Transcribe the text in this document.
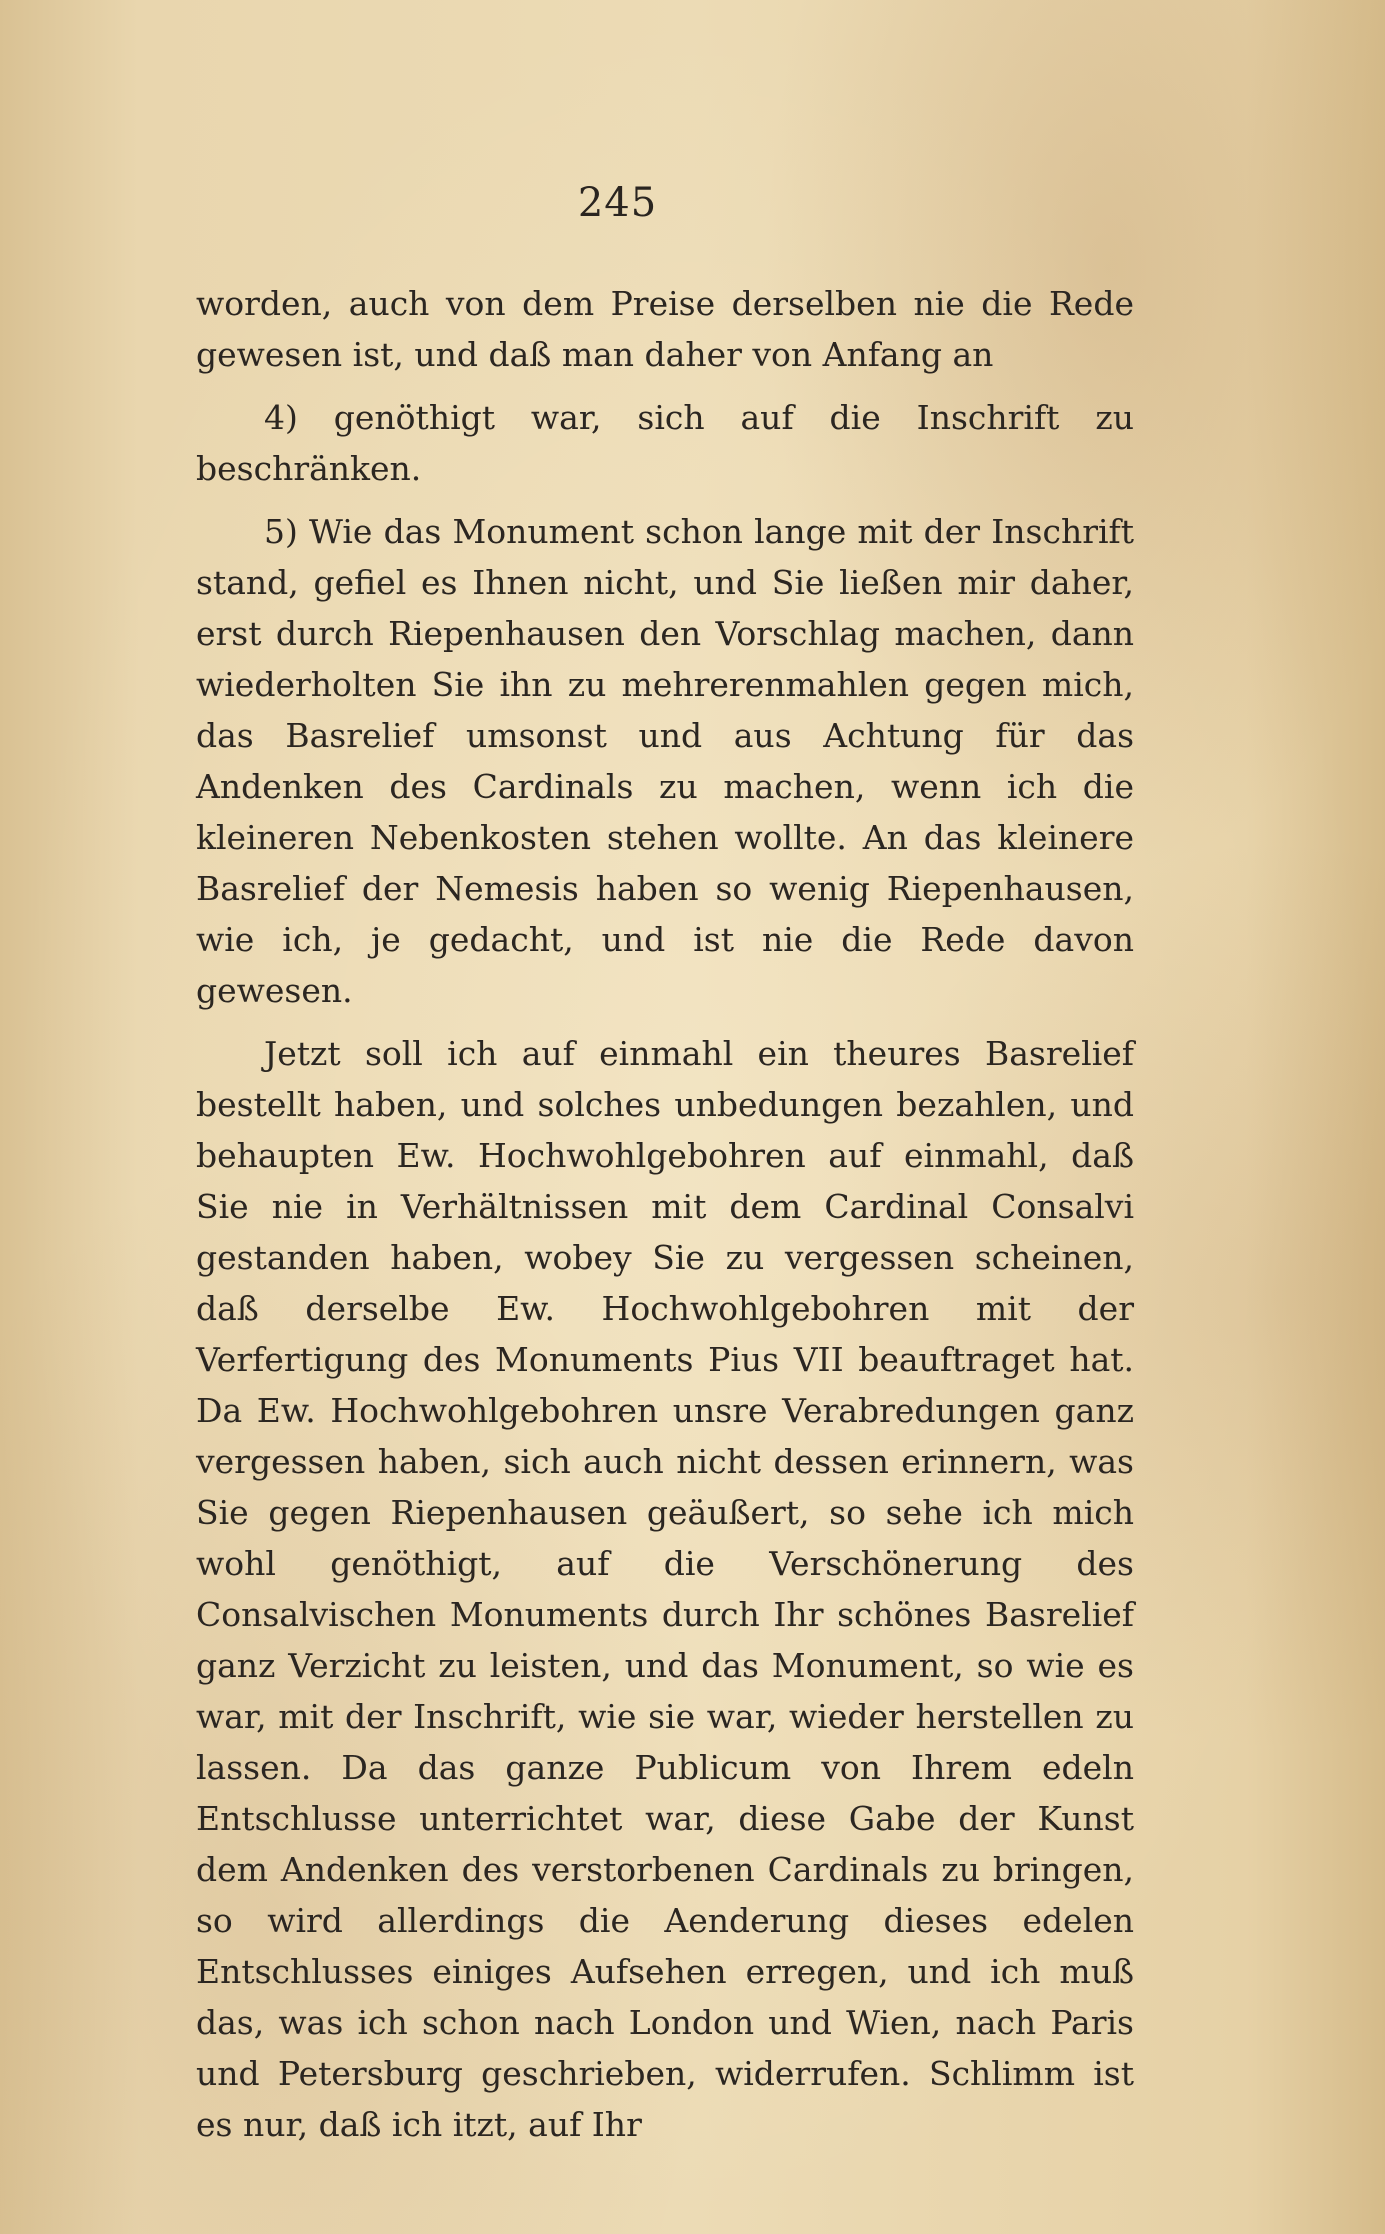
245

worden, auch von dem Preise derselben nie die Rede gewesen ist, und daß man daher von Anfang an

4) genöthigt war, sich auf die Inschrift zu beschränken.

5) Wie das Monument schon lange mit der Inschrift stand, gefiel es Ihnen nicht, und Sie ließen mir daher, erst durch Riepenhausen den Vorschlag machen, dann wiederholten Sie ihn zu mehrerenmahlen gegen mich, das Basrelief umsonst und aus Achtung für das Andenken des Cardinals zu machen, wenn ich die kleineren Nebenkosten stehen wollte. An das kleinere Basrelief der Nemesis haben so wenig Riepenhausen, wie ich, je gedacht, und ist nie die Rede davon gewesen.

Jetzt soll ich auf einmahl ein theures Basrelief bestellt haben, und solches unbedungen bezahlen, und behaupten Ew. Hochwohlgebohren auf einmahl, daß Sie nie in Verhältnissen mit dem Cardinal Consalvi gestanden haben, wobey Sie zu vergessen scheinen, daß derselbe Ew. Hochwohlgebohren mit der Verfertigung des Monuments Pius VII beauftraget hat. Da Ew. Hochwohlgebohren unsre Verabredungen ganz vergessen haben, sich auch nicht dessen erinnern, was Sie gegen Riepenhausen geäußert, so sehe ich mich wohl genöthigt, auf die Verschönerung des Consalvischen Monuments durch Ihr schönes Basrelief ganz Verzicht zu leisten, und das Monument, so wie es war, mit der Inschrift, wie sie war, wieder herstellen zu lassen. Da das ganze Publicum von Ihrem edeln Entschlusse unterrichtet war, diese Gabe der Kunst dem Andenken des verstorbenen Cardinals zu bringen, so wird allerdings die Aenderung dieses edelen Entschlusses einiges Aufsehen erregen, und ich muß das, was ich schon nach London und Wien, nach Paris und Petersburg geschrieben, widerrufen. Schlimm ist es nur, daß ich itzt, auf Ihr
